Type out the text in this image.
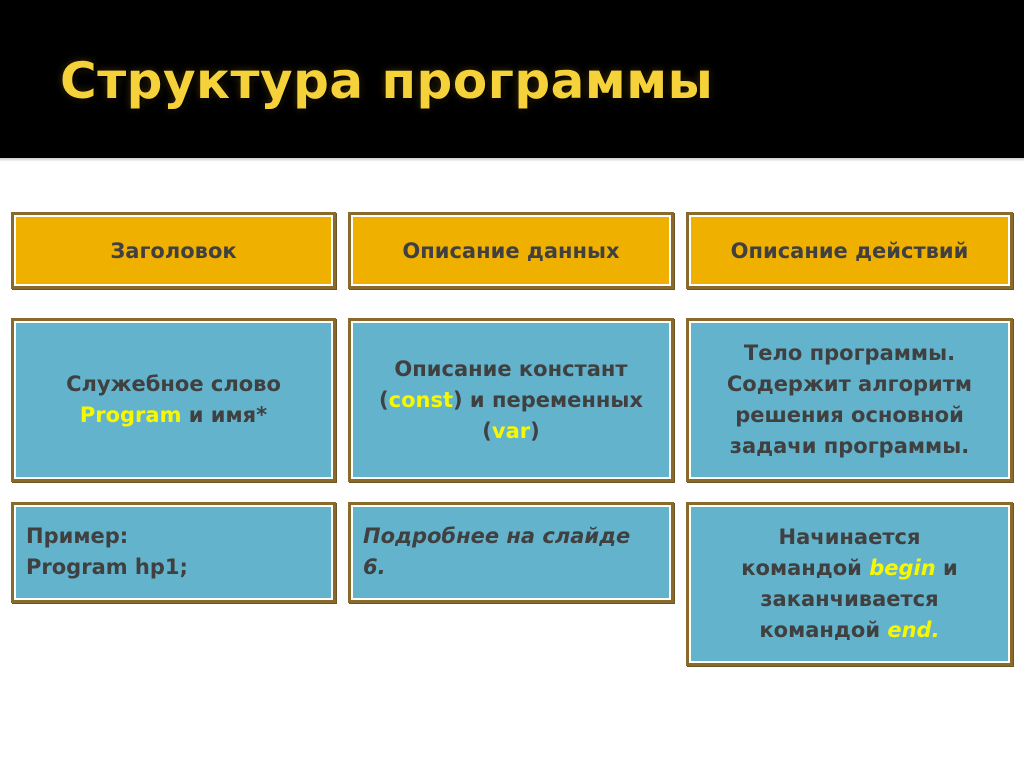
Структура программы
Заголовок	Описание данных	Описание действий
Служебное слово
Program и имя*
Описание констант
(const) и переменных
(var)
Тело программы.
Содержит алгоритм
решения основной
задачи программы.
Пример:
Program hp1;
Подробнее на слайде 6.
Начинается
командой begin и
заканчивается
командой end.
